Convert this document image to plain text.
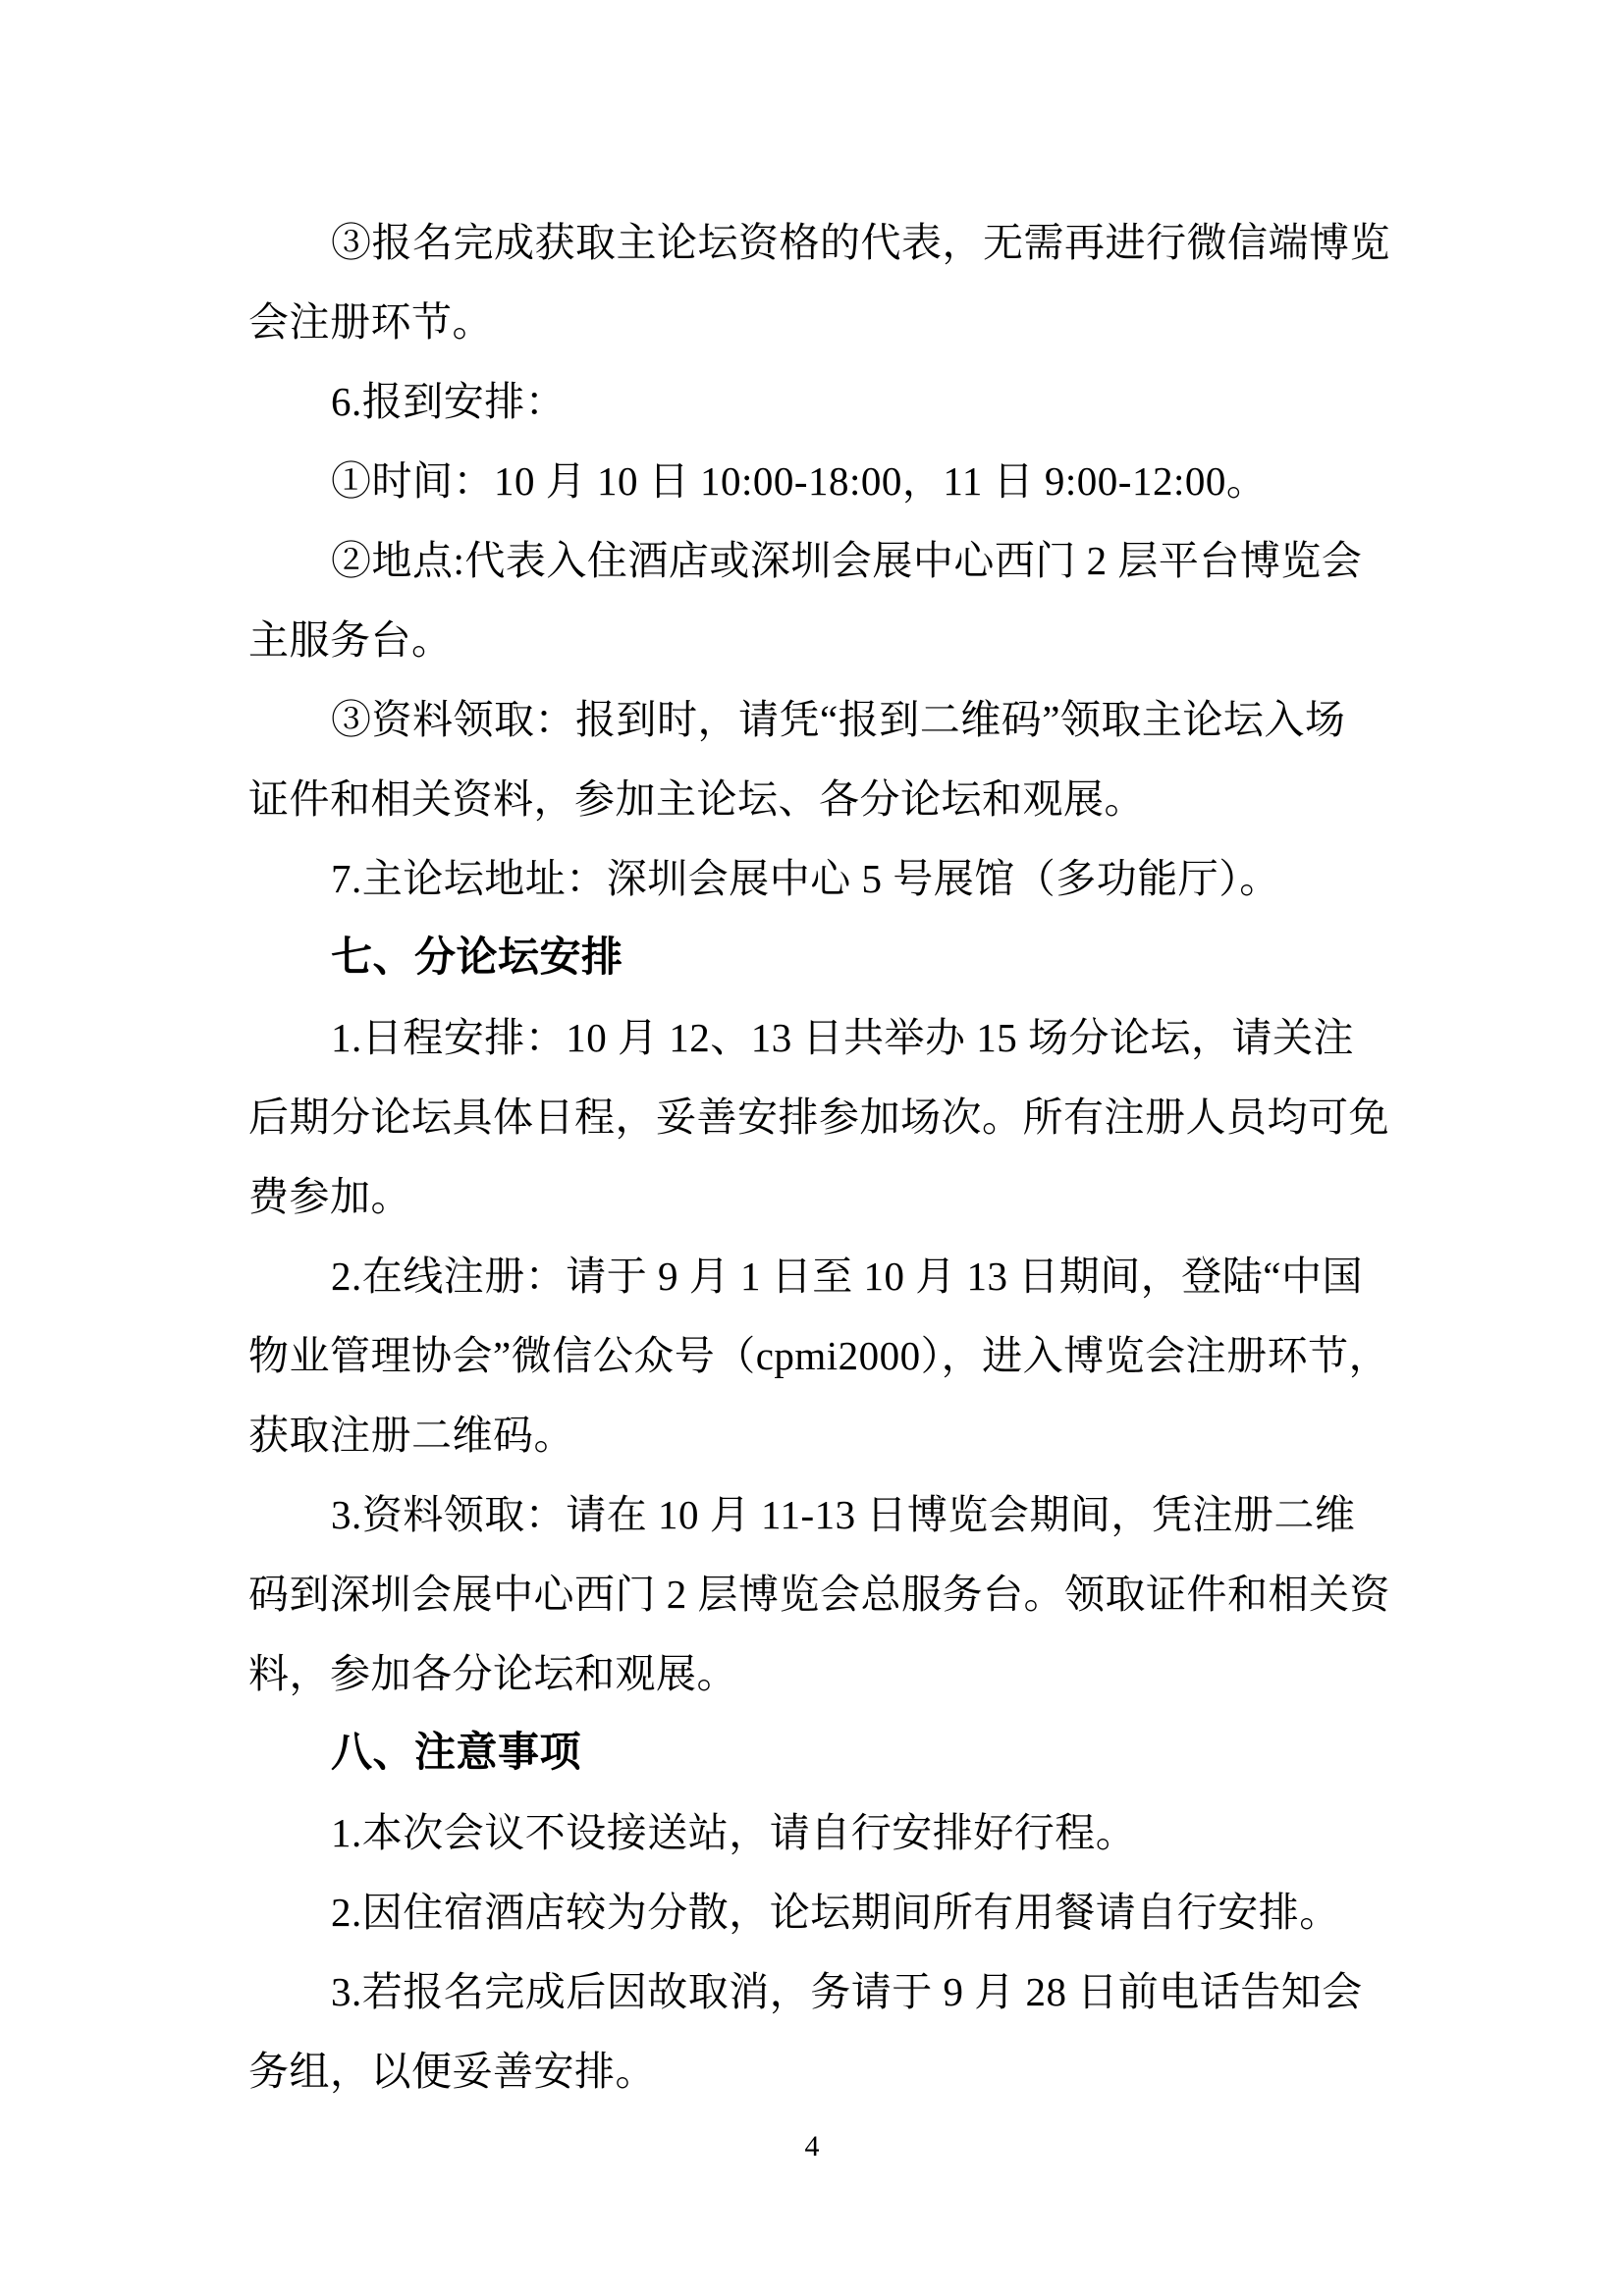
③报名完成获取主论坛资格的代表，无需再进行微信端博览
会注册环节。
6.报到安排：
①时间：10 月 10 日 10:00-18:00，11 日 9:00-12:00。
②地点:代表入住酒店或深圳会展中心西门 2 层平台博览会
主服务台。
③资料领取：报到时，请凭“报到二维码”领取主论坛入场
证件和相关资料，参加主论坛、各分论坛和观展。
7.主论坛地址：深圳会展中心 5 号展馆（多功能厅）。
七、分论坛安排
1.日程安排：10 月 12、13 日共举办 15 场分论坛，请关注
后期分论坛具体日程，妥善安排参加场次。所有注册人员均可免
费参加。
2.在线注册：请于 9 月 1 日至 10 月 13 日期间，登陆“中国
物业管理协会”微信公众号（cpmi2000），进入博览会注册环节，
获取注册二维码。
3.资料领取：请在 10 月 11-13 日博览会期间，凭注册二维
码到深圳会展中心西门 2 层博览会总服务台。领取证件和相关资
料，参加各分论坛和观展。
八、注意事项
1.本次会议不设接送站，请自行安排好行程。
2.因住宿酒店较为分散，论坛期间所有用餐请自行安排。
3.若报名完成后因故取消，务请于 9 月 28 日前电话告知会
务组，以便妥善安排。
4
